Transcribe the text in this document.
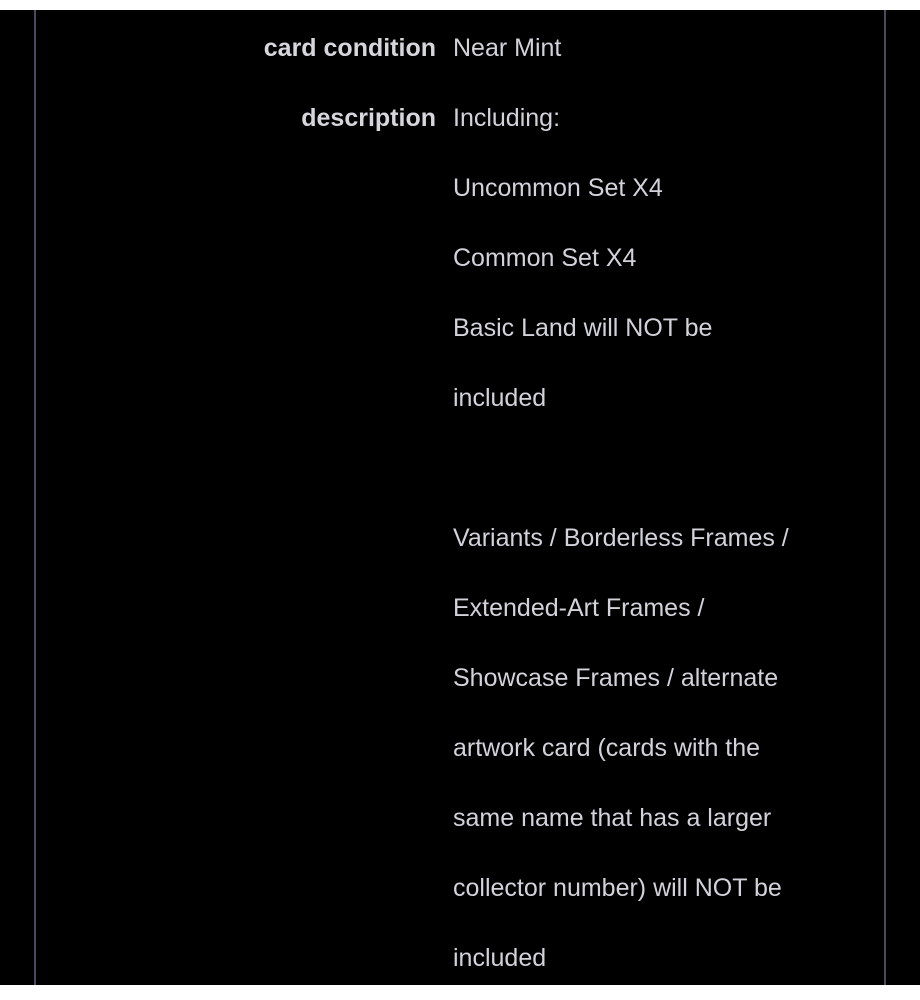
card condition Near Mint
description Including:
Uncommon Set X4
Common Set X4
Basic Land will NOT be
included
Variants / Borderless Frames /
Extended-Art Frames /
Showcase Frames / alternate
artwork card (cards with the
same name that has a larger
collector number) will NOT be
included
